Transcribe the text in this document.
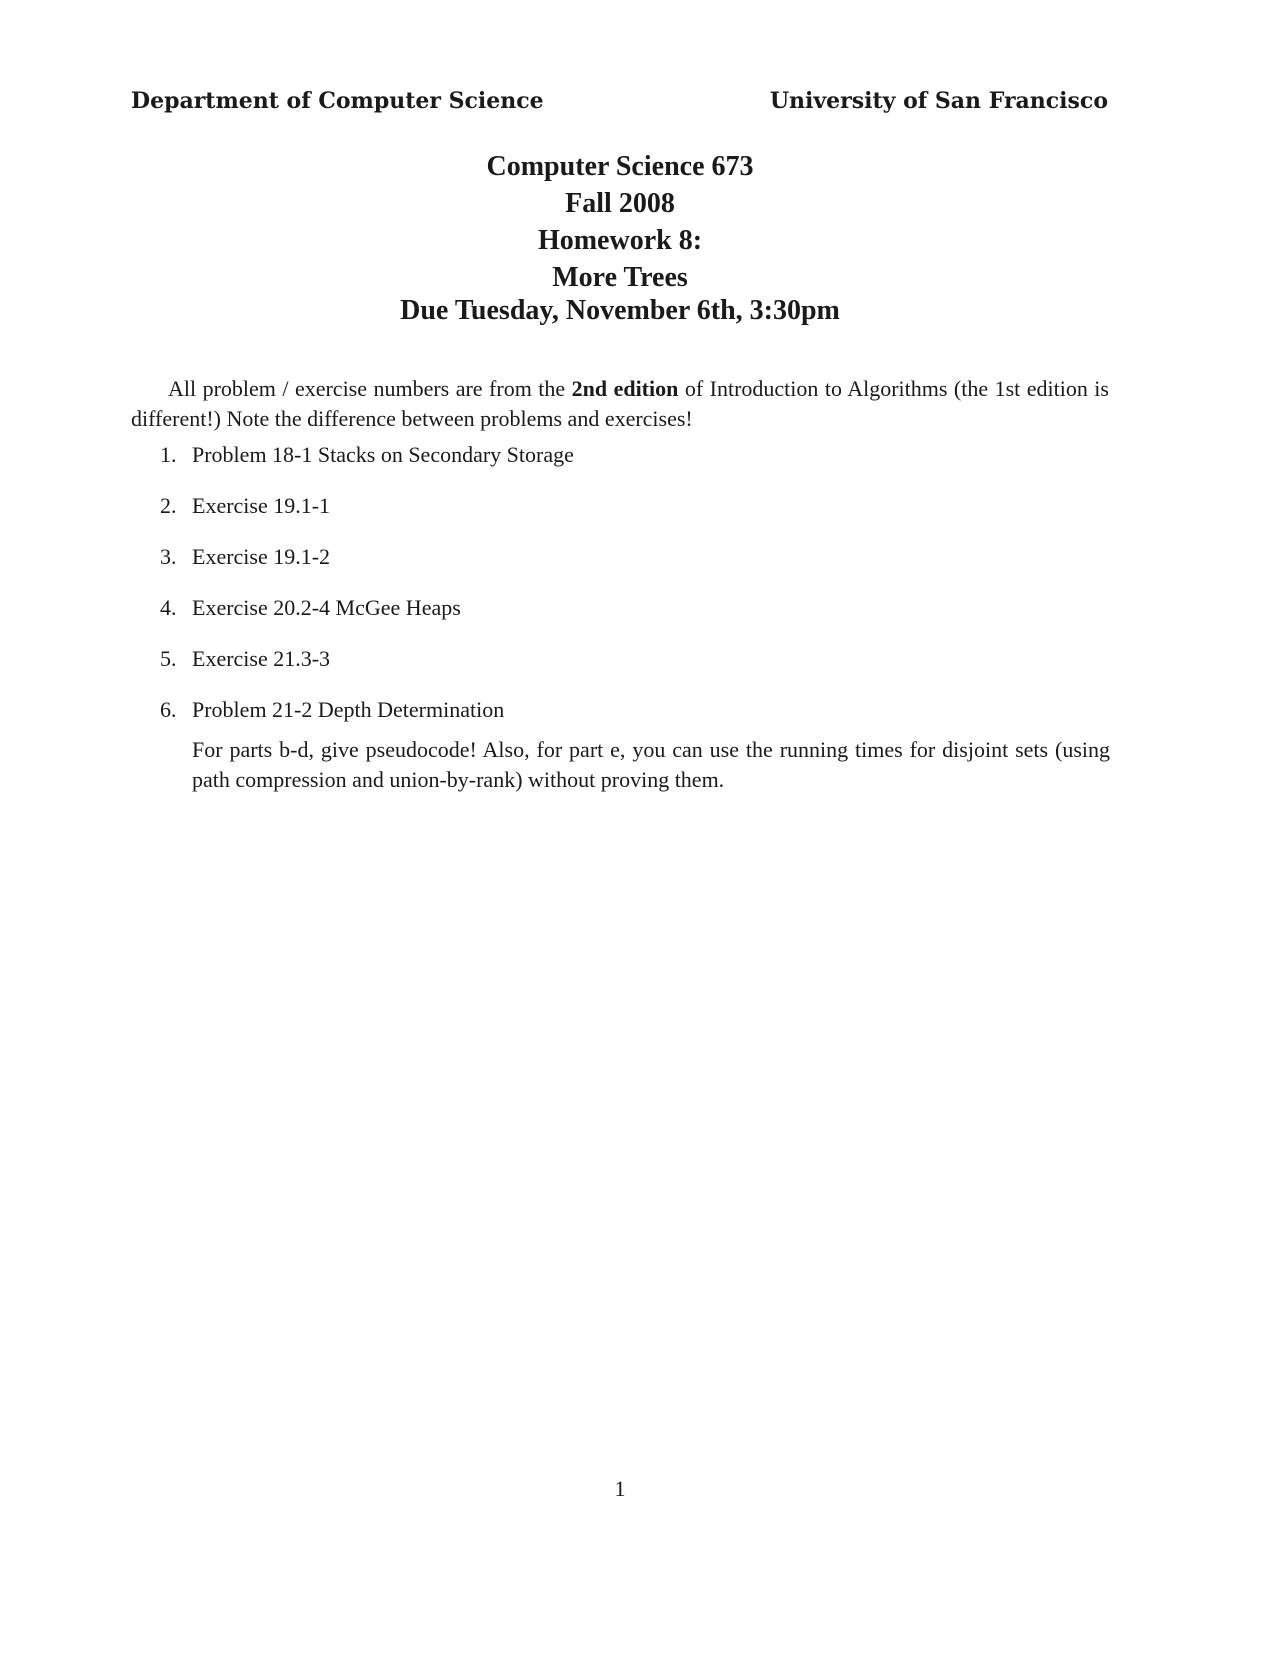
Department of Computer Science	University of San Francisco
Computer Science 673
Fall 2008
Homework 8:
More Trees
Due Tuesday, November 6th, 3:30pm

All problem / exercise numbers are from the 2nd edition of Introduction to Algorithms (the 1st edition is different!) Note the difference between problems and exercises!

1. Problem 18-1 Stacks on Secondary Storage
2. Exercise 19.1-1
3. Exercise 19.1-2
4. Exercise 20.2-4 McGee Heaps
5. Exercise 21.3-3
6. Problem 21-2 Depth Determination
For parts b-d, give pseudocode! Also, for part e, you can use the running times for disjoint sets (using path compression and union-by-rank) without proving them.
1
